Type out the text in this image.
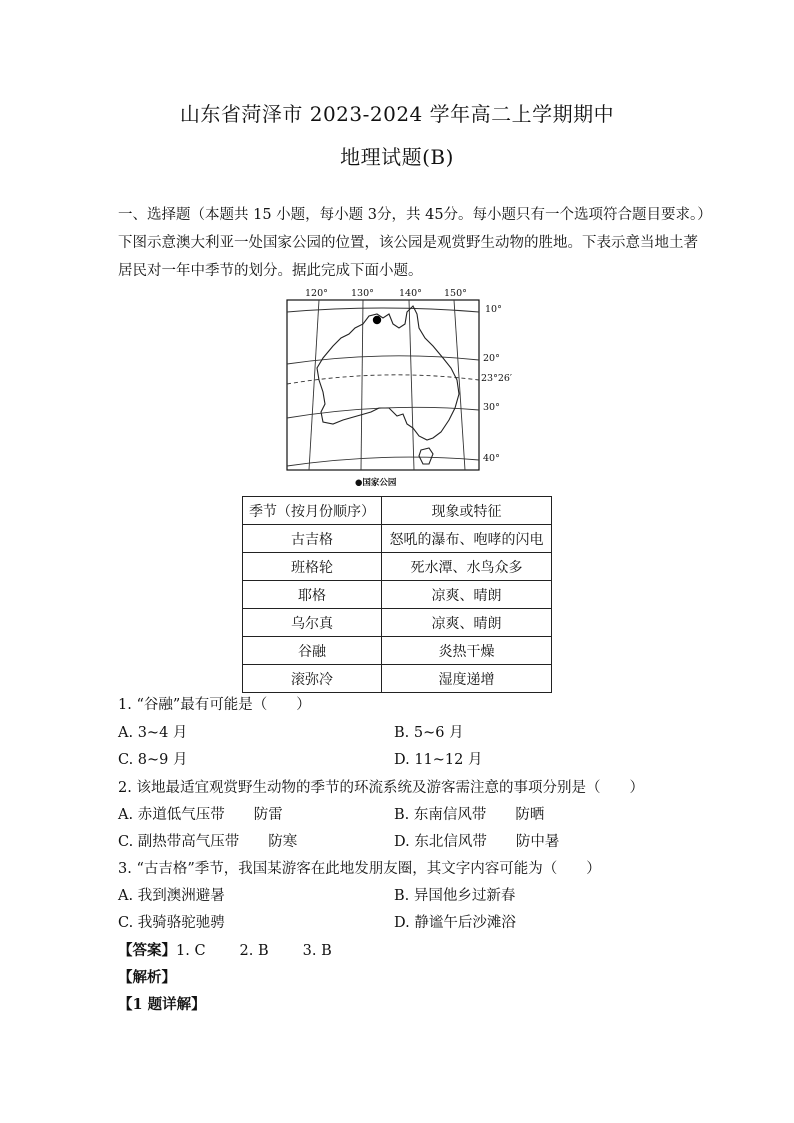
山东省菏泽市 2023-2024 学年高二上学期期中
地理试题(B)
一、选择题（本题共 15 小题，每小题 3分，共 45分。每小题只有一个选项符合题目要求。）
下图示意澳大利亚一处国家公园的位置，该公园是观赏野生动物的胜地。下表示意当地土著
居民对一年中季节的划分。据此完成下面小题。
120° 130°	140° 150°
10°
20°
23°26′
30°
40°
●国家公园
季节（按月份顺序）	现象或特征
古吉格	怒吼的瀑布、咆哮的闪电
班格轮	死水潭、水鸟众多
耶格	凉爽、晴朗
乌尔真	凉爽、晴朗
谷融	炎热干燥
滚弥冷	湿度递增
1. “谷融”最有可能是（　　）
A. 3~4 月	B. 5~6 月
C. 8~9 月	D. 11~12 月
2. 该地最适宜观赏野生动物的季节的环流系统及游客需注意的事项分别是（　　）
A. 赤道低气压带　　防雷	B. 东南信风带　　防晒
C. 副热带高气压带　　防寒	D. 东北信风带　　防中暑
3. “古吉格”季节，我国某游客在此地发朋友圈，其文字内容可能为（　　）
A. 我到澳洲避暑	B. 异国他乡过新春
C. 我骑骆驼驰骋	D. 静谧午后沙滩浴
【答案】1. C 2. B 3. B
【解析】
【1 题详解】
